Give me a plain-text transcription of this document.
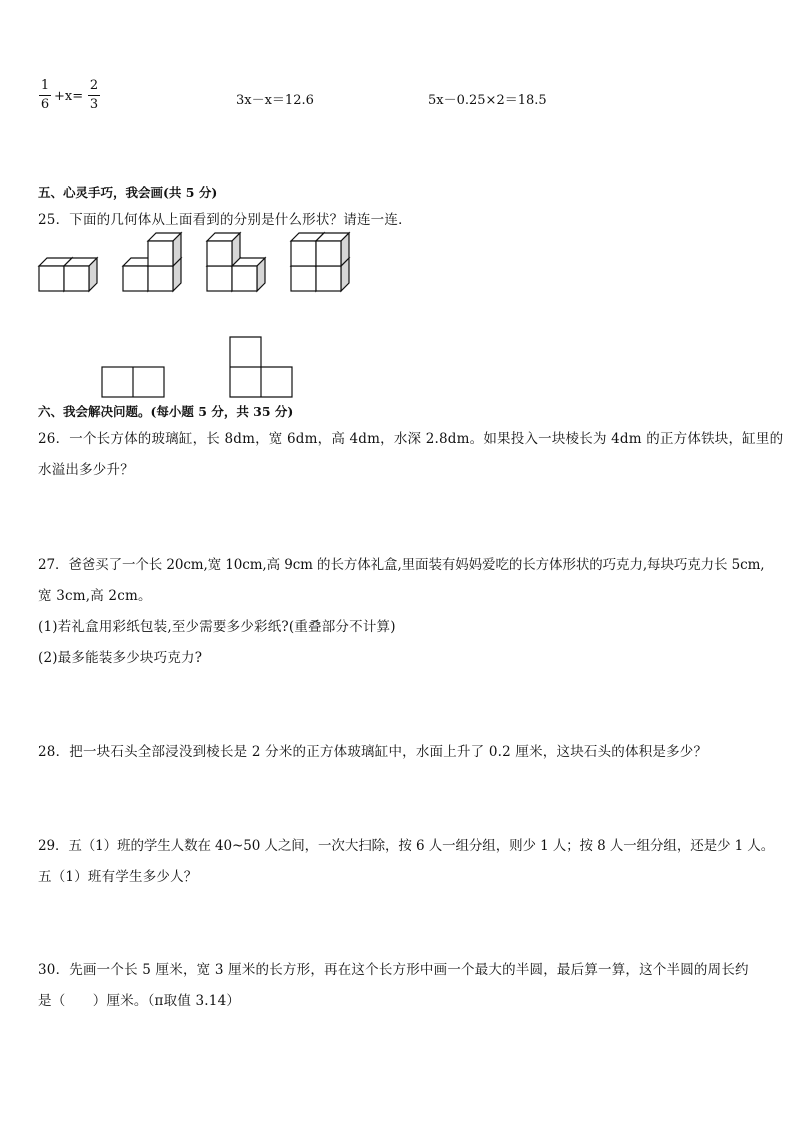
1
6
+x=
2
3	3x－x＝12.6	5x－0.25×2＝18.5
五、心灵手巧，我会画(共 5 分)
25．下面的几何体从上面看到的分别是什么形状？请连一连．
六、我会解决问题。(每小题 5 分，共 35 分)
26．一个长方体的玻璃缸，长 8dm，宽 6dm，高 4dm，水深 2.8dm。如果投入一块棱长为 4dm 的正方体铁块，缸里的
水溢出多少升？
27．爸爸买了一个长 20cm,宽 10cm,高 9cm 的长方体礼盒,里面装有妈妈爱吃的长方体形状的巧克力,每块巧克力长 5cm,
宽 3cm,高 2cm。
(1)若礼盒用彩纸包装,至少需要多少彩纸?(重叠部分不计算)
(2)最多能装多少块巧克力?
28．把一块石头全部浸没到棱长是 2 分米的正方体玻璃缸中，水面上升了 0.2 厘米，这块石头的体积是多少？
29．五（1）班的学生人数在 40~50 人之间，一次大扫除，按 6 人一组分组，则少 1 人；按 8 人一组分组，还是少 1 人。
五（1）班有学生多少人？
30．先画一个长 5 厘米，宽 3 厘米的长方形，再在这个长方形中画一个最大的半圆，最后算一算，这个半圆的周长约
是（　　）厘米。（π取值 3.14）
